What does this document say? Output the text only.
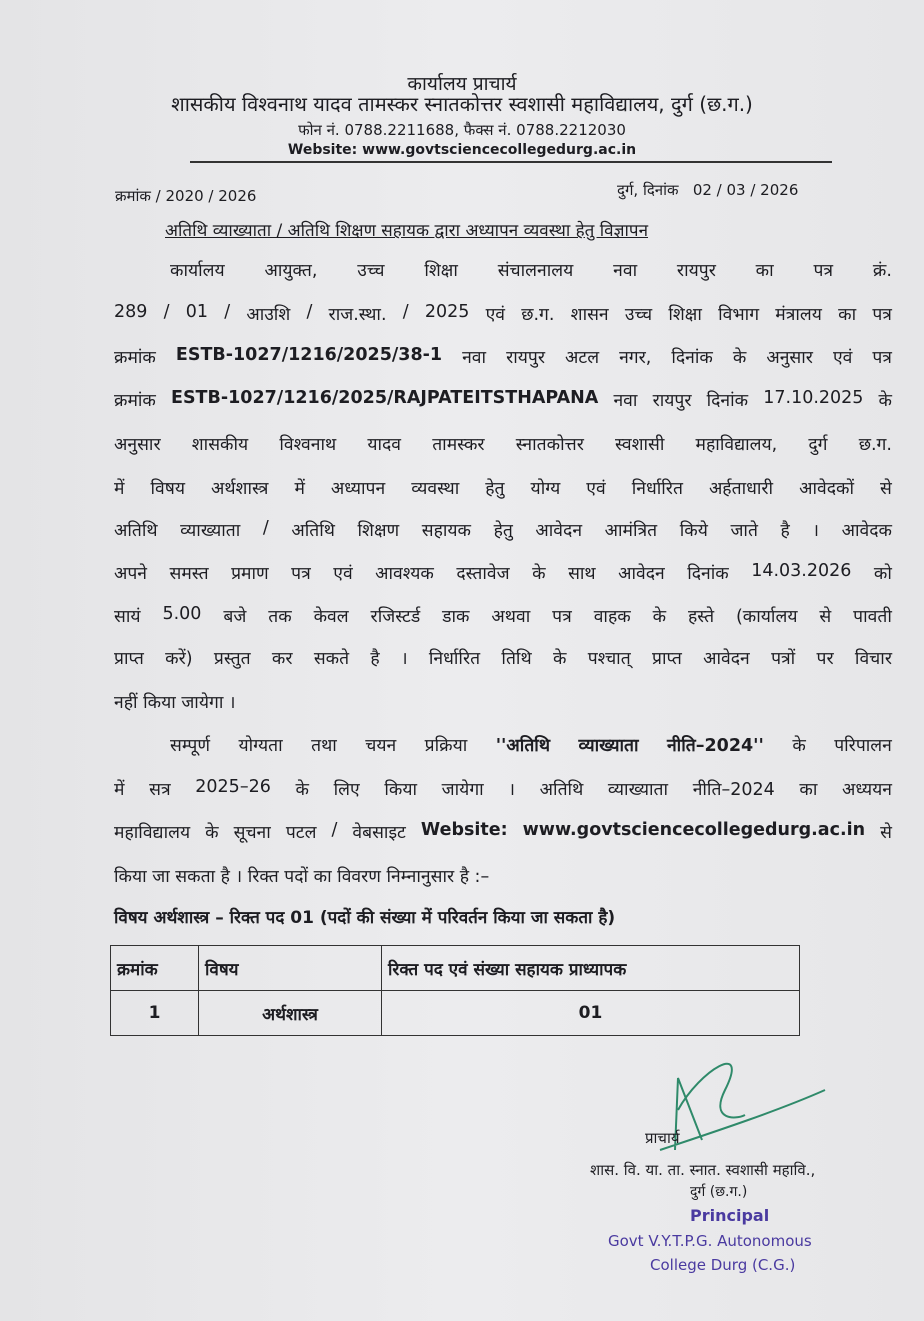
कार्यालय प्राचार्य
शासकीय विश्वनाथ यादव तामस्कर स्नातकोत्तर स्वशासी महाविद्यालय, दुर्ग (छ.ग.)
फोन नं. 0788.2211688, फैक्स नं. 0788.2212030
Website: www.govtsciencecollegedurg.ac.in
क्रमांक / 2020 / 2026	दुर्ग, दिनांक   02 / 03 / 2026
अतिथि व्याख्याता / अतिथि शिक्षण सहायक द्वारा अध्यापन व्यवस्था हेतु विज्ञापन
कार्यालय आयुक्त, उच्च शिक्षा संचालनालय नवा रायपुर का पत्र क्रं.
289 / 01 / आउशि / राज.स्था. / 2025 एवं छ.ग. शासन उच्च शिक्षा विभाग मंत्रालय का पत्र
क्रमांक ESTB-1027/1216/2025/38-1 नवा रायपुर अटल नगर, दिनांक के अनुसार एवं पत्र
क्रमांक ESTB-1027/1216/2025/RAJPATEITSTHAPANA नवा रायपुर दिनांक 17.10.2025 के
अनुसार शासकीय विश्वनाथ यादव तामस्कर स्नातकोत्तर स्वशासी महाविद्यालय, दुर्ग छ.ग.
में विषय अर्थशास्त्र में अध्यापन व्यवस्था हेतु योग्य एवं निर्धारित अर्हताधारी आवेदकों से
अतिथि व्याख्याता / अतिथि शिक्षण सहायक हेतु आवेदन आमंत्रित किये जाते है । आवेदक
अपने समस्त प्रमाण पत्र एवं आवश्यक दस्तावेज के साथ आवेदन दिनांक 14.03.2026 को
सायं 5.00 बजे तक केवल रजिस्टर्ड डाक अथवा पत्र वाहक के हस्ते (कार्यालय से पावती
प्राप्त करें) प्रस्तुत कर सकते है । निर्धारित तिथि के पश्चात् प्राप्त आवेदन पत्रों पर विचार
नहीं किया जायेगा ।
सम्पूर्ण योग्यता तथा चयन प्रक्रिया ''अतिथि व्याख्याता नीति–2024'' के परिपालन
में सत्र 2025–26 के लिए किया जायेगा । अतिथि व्याख्याता नीति–2024 का अध्ययन
महाविद्यालय के सूचना पटल / वेबसाइट Website: www.govtsciencecollegedurg.ac.in से
किया जा सकता है । रिक्त पदों का विवरण निम्नानुसार है :–
विषय अर्थशास्त्र – रिक्त पद 01 (पदों की संख्या में परिवर्तन किया जा सकता है)
क्रमांक	विषय	रिक्त पद एवं संख्या सहायक प्राध्यापक
1	अर्थशास्त्र	01
प्राचार्य
शास. वि. या. ता. स्नात. स्वशासी महावि.,
दुर्ग (छ.ग.)
Principal
Govt V.Y.T.P.G. Autonomous
College Durg (C.G.)
